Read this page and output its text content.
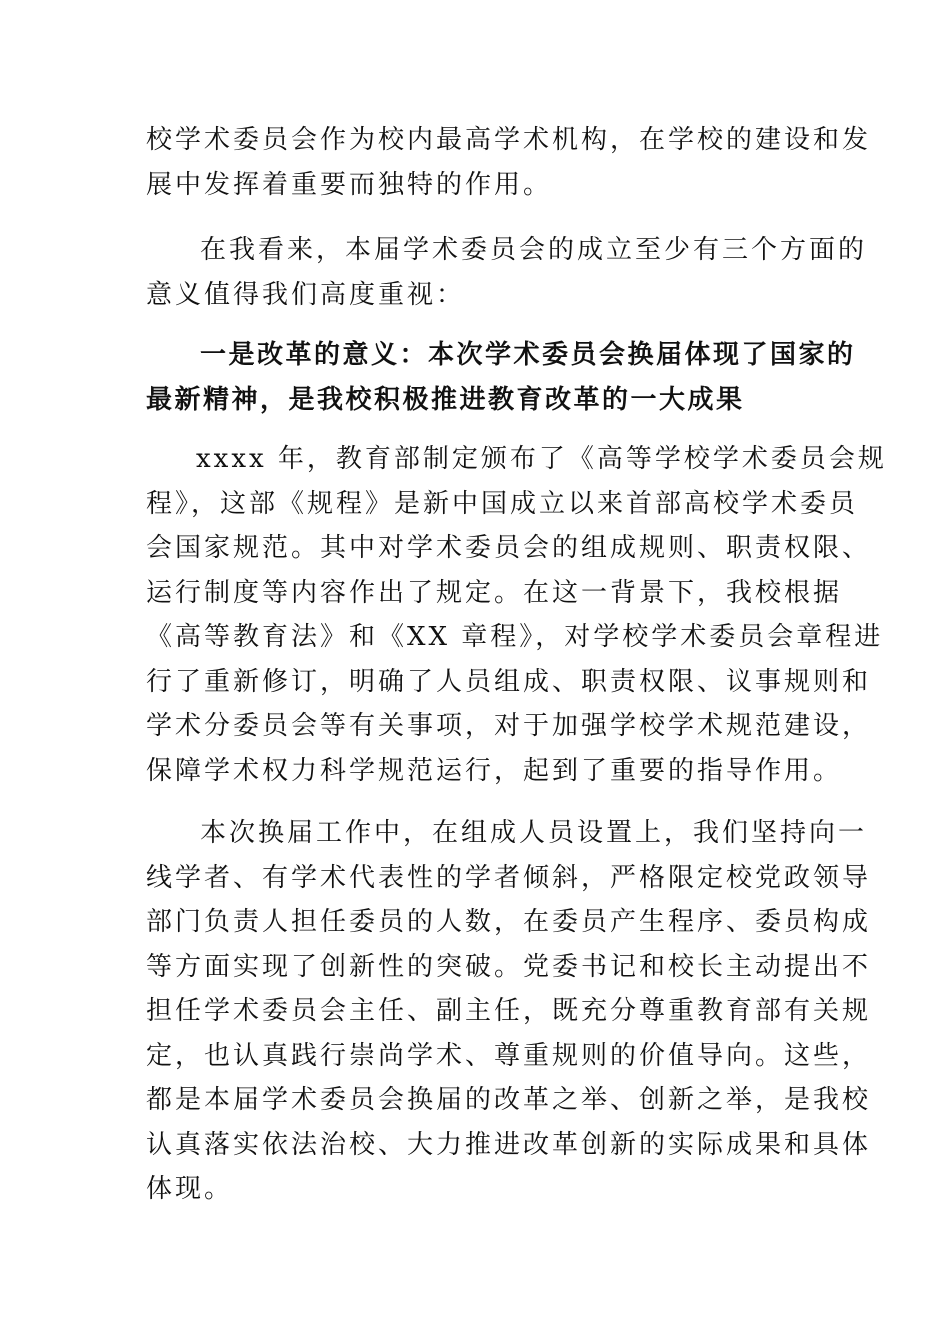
校学术委员会作为校内最高学术机构，在学校的建设和发
展中发挥着重要而独特的作用。

在我看来，本届学术委员会的成立至少有三个方面的
意义值得我们高度重视：

一是改革的意义：本次学术委员会换届体现了国家的
最新精神，是我校积极推进教育改革的一大成果

xxxx 年，教育部制定颁布了《高等学校学术委员会规
程》，这部《规程》是新中国成立以来首部高校学术委员
会国家规范。其中对学术委员会的组成规则、职责权限、
运行制度等内容作出了规定。在这一背景下，我校根据
《高等教育法》和《XX 章程》，对学校学术委员会章程进
行了重新修订，明确了人员组成、职责权限、议事规则和
学术分委员会等有关事项，对于加强学校学术规范建设，
保障学术权力科学规范运行，起到了重要的指导作用。

本次换届工作中，在组成人员设置上，我们坚持向一
线学者、有学术代表性的学者倾斜，严格限定校党政领导
部门负责人担任委员的人数，在委员产生程序、委员构成
等方面实现了创新性的突破。党委书记和校长主动提出不
担任学术委员会主任、副主任，既充分尊重教育部有关规
定，也认真践行崇尚学术、尊重规则的价值导向。这些，
都是本届学术委员会换届的改革之举、创新之举，是我校
认真落实依法治校、大力推进改革创新的实际成果和具体
体现。
